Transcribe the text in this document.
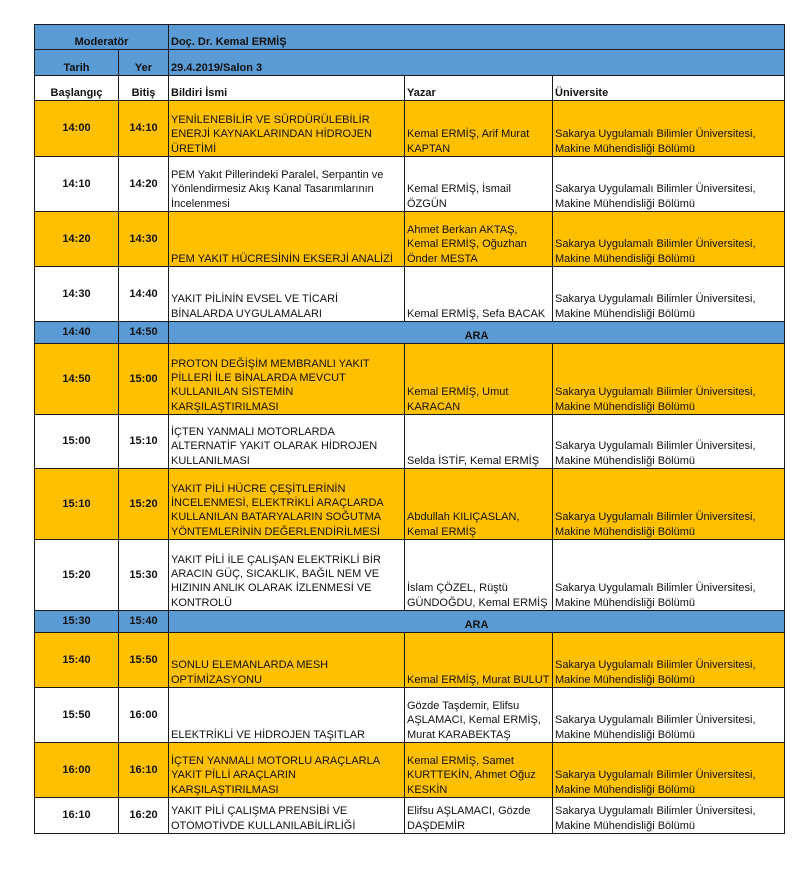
Moderatör		Doç. Dr. Kemal ERMİŞ		
Tarih	Yer	29.4.2019/Salon 3		
Başlangıç	Bitiş	Bildiri İsmi	Yazar	Üniversite
14:00	14:10	YENİLENEBİLİR VE SÜRDÜRÜLEBİLİR ENERJİ KAYNAKLARINDAN HİDROJEN ÜRETİMİ	Kemal ERMİŞ, Arif Murat KAPTAN	Sakarya Uygulamalı Bilimler Üniversitesi, Makine Mühendisliği Bölümü
14:10	14:20	PEM Yakıt Pillerindeki Paralel, Serpantin ve Yönlendirmesiz Akış Kanal Tasarımlarının İncelenmesi	Kemal ERMİŞ, İsmail ÖZGÜN	Sakarya Uygulamalı Bilimler Üniversitesi, Makine Mühendisliği Bölümü
14:20	14:30	PEM YAKIT HÜCRESİNİN EKSERJİ ANALİZİ	Ahmet Berkan AKTAŞ, Kemal ERMİŞ, Oğuzhan Önder MESTA	Sakarya Uygulamalı Bilimler Üniversitesi, Makine Mühendisliği Bölümü
14:30	14:40	YAKIT PİLİNİN EVSEL VE TİCARİ BİNALARDA UYGULAMALARI	Kemal ERMİŞ, Sefa BACAK	Sakarya Uygulamalı Bilimler Üniversitesi, Makine Mühendisliği Bölümü
14:40	14:50	ARA		
14:50	15:00	PROTON DEĞİŞİM MEMBRANLI YAKIT PİLLERİ İLE BİNALARDA MEVCUT KULLANILAN SİSTEMİN KARŞILAŞTIRILMASI	Kemal ERMİŞ, Umut KARACAN	Sakarya Uygulamalı Bilimler Üniversitesi, Makine Mühendisliği Bölümü
15:00	15:10	İÇTEN YANMALI MOTORLARDA ALTERNATİF YAKIT OLARAK HİDROJEN KULLANILMASI	Selda İSTİF, Kemal ERMİŞ	Sakarya Uygulamalı Bilimler Üniversitesi, Makine Mühendisliği Bölümü
15:10	15:20	YAKIT PİLİ HÜCRE ÇEŞİTLERİNİN İNCELENMESİ, ELEKTRİKLİ ARAÇLARDA KULLANILAN BATARYALARIN SOĞUTMA YÖNTEMLERİNİN DEĞERLENDİRİLMESİ	Abdullah KILIÇASLAN, Kemal ERMİŞ	Sakarya Uygulamalı Bilimler Üniversitesi, Makine Mühendisliği Bölümü
15:20	15:30	YAKIT PİLİ İLE ÇALIŞAN ELEKTRİKLİ BİR ARACIN GÜÇ, SICAKLIK, BAĞIL NEM VE HIZININ ANLIK OLARAK İZLENMESİ VE KONTROLÜ	İslam ÇÖZEL, Rüştü GÜNDOĞDU, Kemal ERMİŞ	Sakarya Uygulamalı Bilimler Üniversitesi, Makine Mühendisliği Bölümü
15:30	15:40	ARA		
15:40	15:50	SONLU ELEMANLARDA MESH OPTİMİZASYONU	Kemal ERMİŞ, Murat BULUT	Sakarya Uygulamalı Bilimler Üniversitesi, Makine Mühendisliği Bölümü
15:50	16:00	ELEKTRİKLİ VE HİDROJEN TAŞITLAR	Gözde Taşdemir, Elifsu AŞLAMACI, Kemal ERMİŞ, Murat KARABEKTAŞ	Sakarya Uygulamalı Bilimler Üniversitesi, Makine Mühendisliği Bölümü
16:00	16:10	İÇTEN YANMALI MOTORLU ARAÇLARLA YAKIT PİLLİ ARAÇLARIN KARŞILAŞTIRILMASI	Kemal ERMİŞ, Samet KURTTEKİN, Ahmet Oğuz KESKİN	Sakarya Uygulamalı Bilimler Üniversitesi, Makine Mühendisliği Bölümü
16:10	16:20	YAKIT PİLİ ÇALIŞMA PRENSİBİ VE OTOMOTİVDE KULLANILABİLİRLİĞİ	Elifsu AŞLAMACI, Gözde DAŞDEMİR	Sakarya Uygulamalı Bilimler Üniversitesi, Makine Mühendisliği Bölümü
